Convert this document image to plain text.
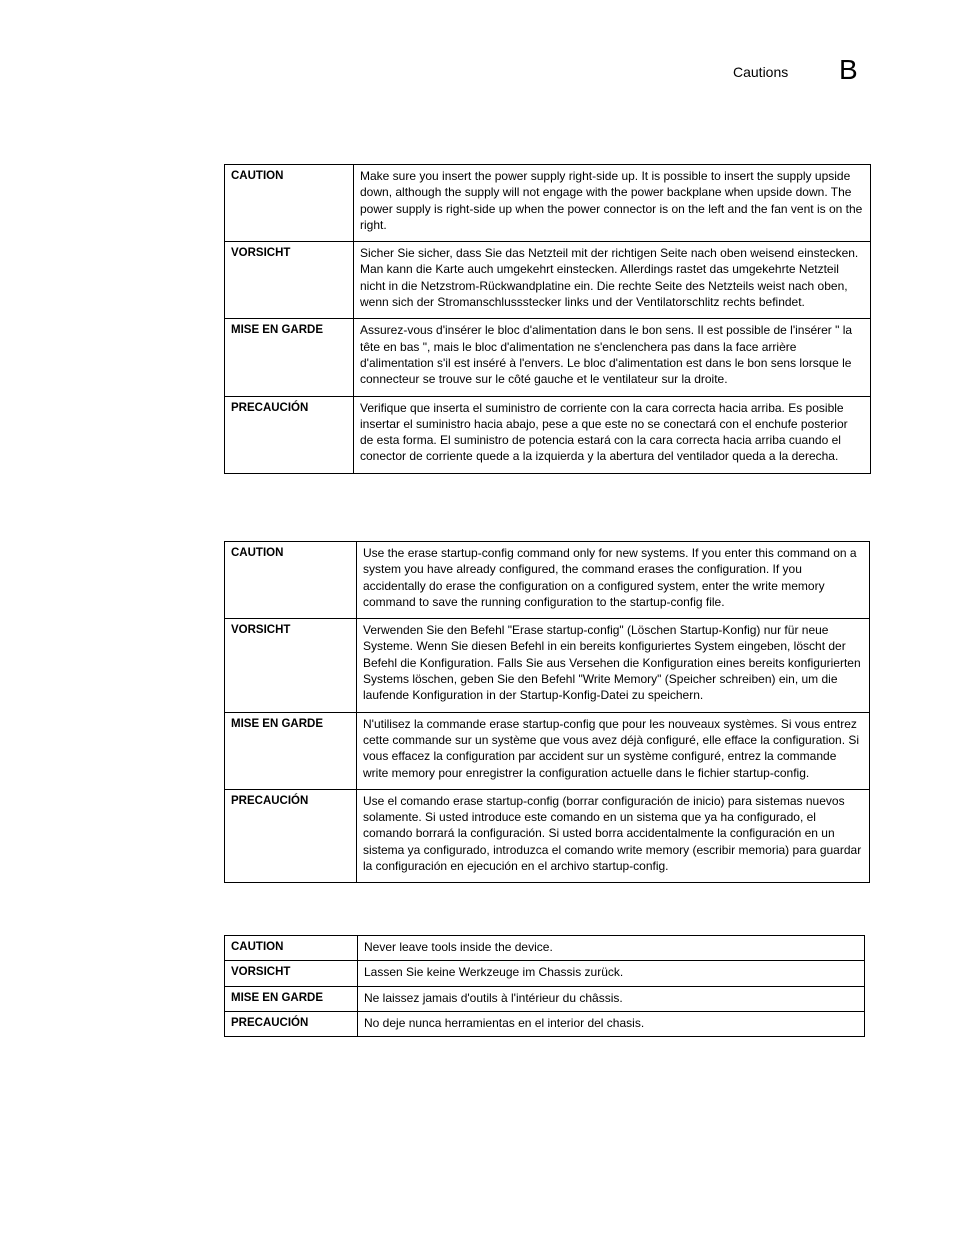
Cautions B
CAUTION	Make sure you insert the power supply right-side up. It is possible to insert the supply upside down, although the supply will not engage with the power backplane when upside down. The power supply is right-side up when the power connector is on the left and the fan vent is on the right.
VORSICHT	Sicher Sie sicher, dass Sie das Netzteil mit der richtigen Seite nach oben weisend einstecken. Man kann die Karte auch umgekehrt einstecken. Allerdings rastet das umgekehrte Netzteil nicht in die Netzstrom-Rückwandplatine ein. Die rechte Seite des Netzteils weist nach oben, wenn sich der Stromanschlussstecker links und der Ventilatorschlitz rechts befindet.
MISE EN GARDE	Assurez-vous d'insérer le bloc d'alimentation dans le bon sens. Il est possible de l'insérer " la tête en bas ", mais le bloc d'alimentation ne s'enclenchera pas dans la face arrière d'alimentation s'il est inséré à l'envers. Le bloc d'alimentation est dans le bon sens lorsque le connecteur se trouve sur le côté gauche et le ventilateur sur la droite.
PRECAUCIÓN	Verifique que inserta el suministro de corriente con la cara correcta hacia arriba. Es posible insertar el suministro hacia abajo, pese a que este no se conectará con el enchufe posterior de esta forma. El suministro de potencia estará con la cara correcta hacia arriba cuando el conector de corriente quede a la izquierda y la abertura del ventilador queda a la derecha.
CAUTION	Use the erase startup-config command only for new systems. If you enter this command on a system you have already configured, the command erases the configuration. If you accidentally do erase the configuration on a configured system, enter the write memory command to save the running configuration to the startup-config file.
VORSICHT	Verwenden Sie den Befehl "Erase startup-config" (Löschen Startup-Konfig) nur für neue Systeme. Wenn Sie diesen Befehl in ein bereits konfiguriertes System eingeben, löscht der Befehl die Konfiguration. Falls Sie aus Versehen die Konfiguration eines bereits konfigurierten Systems löschen, geben Sie den Befehl "Write Memory" (Speicher schreiben) ein, um die laufende Konfiguration in der Startup-Konfig-Datei zu speichern.
MISE EN GARDE	N'utilisez la commande erase startup-config que pour les nouveaux systèmes. Si vous entrez cette commande sur un système que vous avez déjà configuré, elle efface la configuration. Si vous effacez la configuration par accident sur un système configuré, entrez la commande write memory pour enregistrer la configuration actuelle dans le fichier startup-config.
PRECAUCIÓN	Use el comando erase startup-config (borrar configuración de inicio) para sistemas nuevos solamente. Si usted introduce este comando en un sistema que ya ha configurado, el comando borrará la configuración. Si usted borra accidentalmente la configuración en un sistema ya configurado, introduzca el comando write memory (escribir memoria) para guardar la configuración en ejecución en el archivo startup-config.
CAUTION	Never leave tools inside the device.
VORSICHT	Lassen Sie keine Werkzeuge im Chassis zurück.
MISE EN GARDE	Ne laissez jamais d'outils à l'intérieur du châssis.
PRECAUCIÓN	No deje nunca herramientas en el interior del chasis.
